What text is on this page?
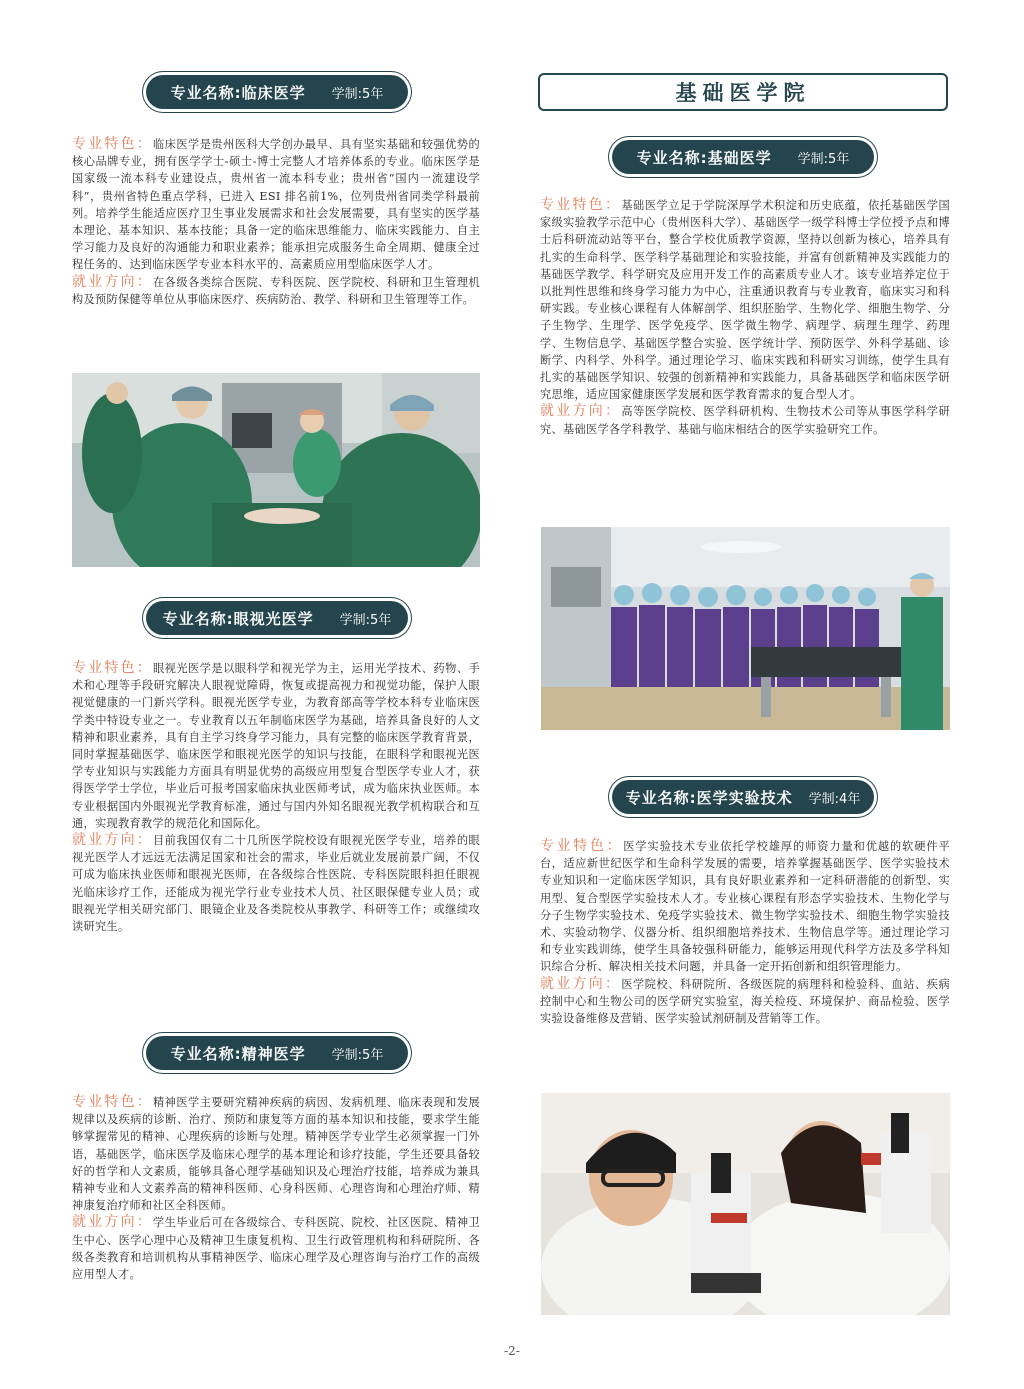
基础医学院
专业名称:临床医学 学制:5年

专业特色：临床医学是贵州医科大学创办最早、具有坚实基础和较强优势的核心品牌专业，拥有医学学士-硕士-博士完整人才培养体系的专业。临床医学是国家级一流本科专业建设点，贵州省一流本科专业；贵州省“国内一流建设学科”，贵州省特色重点学科，已进入 ESI 排名前1%，位列贵州省同类学科最前列。培养学生能适应医疗卫生事业发展需求和社会发展需要，具有坚实的医学基本理论、基本知识、基本技能；具备一定的临床思维能力、临床实践能力、自主学习能力及良好的沟通能力和职业素养；能承担完成服务生命全周期、健康全过程任务的、达到临床医学专业本科水平的、高素质应用型临床医学人才。

就业方向：在各级各类综合医院、专科医院、医学院校、科研和卫生管理机构及预防保健等单位从事临床医疗、疾病防治、教学、科研和卫生管理等工作。

专业名称:眼视光医学 学制:5年

专业特色：眼视光医学是以眼科学和视光学为主，运用光学技术、药物、手术和心理等手段研究解决人眼视觉障碍，恢复或提高视力和视觉功能，保护人眼视觉健康的一门新兴学科。眼视光医学专业，为教育部高等学校本科专业临床医学类中特设专业之一。专业教育以五年制临床医学为基础，培养具备良好的人文精神和职业素养，具有自主学习终身学习能力，具有完整的临床医学教育背景，同时掌握基础医学、临床医学和眼视光医学的知识与技能，在眼科学和眼视光医学专业知识与实践能力方面具有明显优势的高级应用型复合型医学专业人才，获得医学学士学位，毕业后可报考国家临床执业医师考试，成为临床执业医师。本专业根据国内外眼视光学教育标准，通过与国内外知名眼视光教学机构联合和互通，实现教育教学的规范化和国际化。

就业方向：目前我国仅有二十几所医学院校设有眼视光医学专业，培养的眼视光医学人才远远无法满足国家和社会的需求，毕业后就业发展前景广阔，不仅可成为临床执业医师和眼视光医师，在各级综合性医院、专科医院眼科担任眼视光临床诊疗工作，还能成为视光学行业专业技术人员、社区眼保健专业人员；或眼视光学相关研究部门、眼镜企业及各类院校从事教学、科研等工作；或继续攻读研究生。

专业名称:精神医学 学制:5年

专业特色：精神医学主要研究精神疾病的病因、发病机理、临床表现和发展规律以及疾病的诊断、治疗、预防和康复等方面的基本知识和技能，要求学生能够掌握常见的精神、心理疾病的诊断与处理。精神医学专业学生必须掌握一门外语，基础医学，临床医学及临床心理学的基本理论和诊疗技能，学生还要具备较好的哲学和人文素质，能够具备心理学基础知识及心理治疗技能，培养成为兼具精神专业和人文素养高的精神科医师、心身科医师、心理咨询和心理治疗师、精神康复治疗师和社区全科医师。

就业方向：学生毕业后可在各级综合、专科医院、院校、社区医院、精神卫生中心、医学心理中心及精神卫生康复机构、卫生行政管理机构和科研院所、各级各类教育和培训机构从事精神医学、临床心理学及心理咨询与治疗工作的高级应用型人才。

专业名称:基础医学 学制:5年

专业特色：基础医学立足于学院深厚学术积淀和历史底蕴，依托基础医学国家级实验教学示范中心（贵州医科大学）、基础医学一级学科博士学位授予点和博士后科研流动站等平台，整合学校优质教学资源，坚持以创新为核心，培养具有扎实的生命科学、医学科学基础理论和实验技能，并富有创新精神及实践能力的基础医学教学、科学研究及应用开发工作的高素质专业人才。该专业培养定位于以批判性思维和终身学习能力为中心，注重通识教育与专业教育，临床实习和科研实践。专业核心课程有人体解剖学、组织胚胎学、生物化学、细胞生物学、分子生物学、生理学、医学免疫学、医学微生物学、病理学、病理生理学、药理学、生物信息学、基础医学整合实验、医学统计学、预防医学、外科学基础、诊断学、内科学、外科学。通过理论学习、临床实践和科研实习训练，使学生具有扎实的基础医学知识、较强的创新精神和实践能力，具备基础医学和临床医学研究思维，适应国家健康医学发展和医学教育需求的复合型人才。

就业方向：高等医学院校、医学科研机构、生物技术公司等从事医学科学研究、基础医学各学科教学、基础与临床相结合的医学实验研究工作。

专业名称:医学实验技术 学制:4年

专业特色：医学实验技术专业依托学校雄厚的师资力量和优越的软硬件平台，适应新世纪医学和生命科学发展的需要，培养掌握基础医学、医学实验技术专业知识和一定临床医学知识，具有良好职业素养和一定科研潜能的创新型、实用型、复合型医学实验技术人才。专业核心课程有形态学实验技术、生物化学与分子生物学实验技术、免疫学实验技术、微生物学实验技术、细胞生物学实验技术、实验动物学、仪器分析、组织细胞培养技术、生物信息学等。通过理论学习和专业实践训练，使学生具备较强科研能力，能够运用现代科学方法及多学科知识综合分析、解决相关技术问题，并具备一定开拓创新和组织管理能力。

就业方向：医学院校、科研院所、各级医院的病理科和检验科、血站、疾病控制中心和生物公司的医学研究实验室，海关检疫、环境保护、商品检验、医学实验设备维修及营销、医学实验试剂研制及营销等工作。

-2-
